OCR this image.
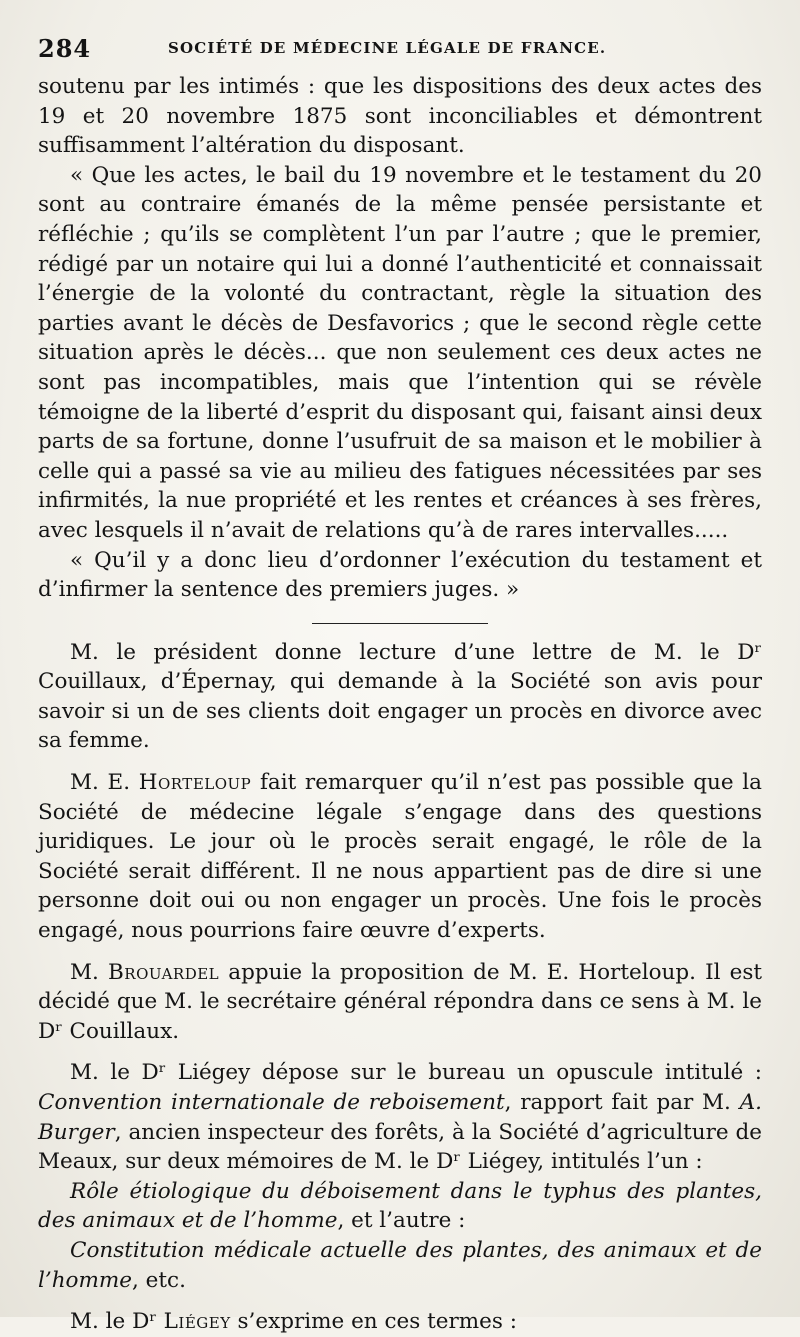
284	SOCIÉTÉ DE MÉDECINE LÉGALE DE FRANCE.

soutenu par les intimés : que les dispositions des deux actes des 19 et 20 novembre 1875 sont inconciliables et démontrent suffisamment l’altération du disposant.

« Que les actes, le bail du 19 novembre et le testament du 20 sont au contraire émanés de la même pensée persistante et réfléchie ; qu’ils se complètent l’un par l’autre ; que le premier, rédigé par un notaire qui lui a donné l’authenticité et connaissait l’énergie de la volonté du contractant, règle la situation des parties avant le décès de Desfavorics ; que le second règle cette situation après le décès... que non seulement ces deux actes ne sont pas incompatibles, mais que l’intention qui se révèle témoigne de la liberté d’esprit du disposant qui, faisant ainsi deux parts de sa fortune, donne l’usufruit de sa maison et le mobilier à celle qui a passé sa vie au milieu des fatigues nécessitées par ses infirmités, la nue propriété et les rentes et créances à ses frères, avec lesquels il n’avait de relations qu’à de rares intervalles.....

« Qu’il y a donc lieu d’ordonner l’exécution du testament et d’infirmer la sentence des premiers juges. »

M. le président donne lecture d’une lettre de M. le Dʳ Couillaux, d’Épernay, qui demande à la Société son avis pour savoir si un de ses clients doit engager un procès en divorce avec sa femme.

M. E. Horteloup fait remarquer qu’il n’est pas possible que la Société de médecine légale s’engage dans des questions juridiques. Le jour où le procès serait engagé, le rôle de la Société serait différent. Il ne nous appartient pas de dire si une personne doit oui ou non engager un procès. Une fois le procès engagé, nous pourrions faire œuvre d’experts.

M. Brouardel appuie la proposition de M. E. Horteloup. Il est décidé que M. le secrétaire général répondra dans ce sens à M. le Dʳ Couillaux.

M. le Dʳ Liégey dépose sur le bureau un opuscule intitulé : Convention internationale de reboisement, rapport fait par M. A. Burger, ancien inspecteur des forêts, à la Société d’agriculture de Meaux, sur deux mémoires de M. le Dʳ Liégey, intitulés l’un :

Rôle étiologique du déboisement dans le typhus des plantes, des animaux et de l’homme, et l’autre :

Constitution médicale actuelle des plantes, des animaux et de l’homme, etc.

M. le Dʳ Liégey s’exprime en ces termes :
